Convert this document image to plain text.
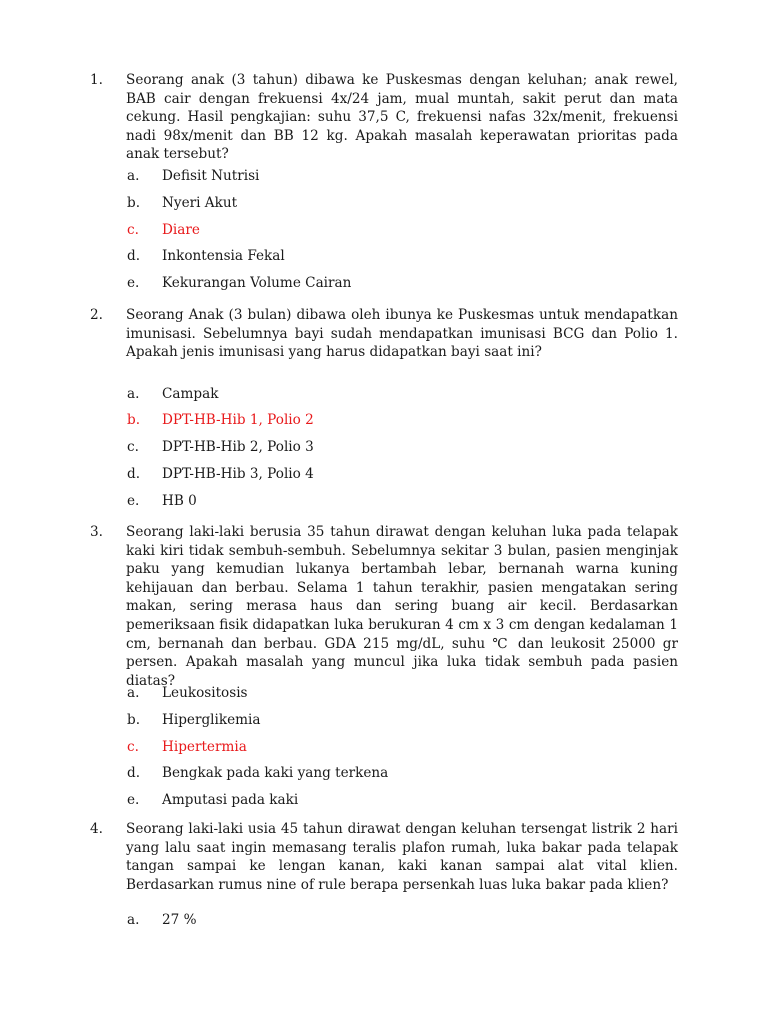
1. Seorang anak (3 tahun) dibawa ke Puskesmas dengan keluhan; anak rewel, BAB cair dengan frekuensi 4x/24 jam, mual muntah, sakit perut dan mata cekung. Hasil pengkajian: suhu 37,5 C, frekuensi nafas 32x/menit, frekuensi nadi 98x/menit dan BB 12 kg. Apakah masalah keperawatan prioritas pada anak tersebut?

a. Defisit Nutrisi
b. Nyeri Akut
c. Diare
d. Inkontensia Fekal
e. Kekurangan Volume Cairan
2. Seorang Anak (3 bulan) dibawa oleh ibunya ke Puskesmas untuk mendapatkan imunisasi. Sebelumnya bayi sudah mendapatkan imunisasi BCG dan Polio 1. Apakah jenis imunisasi yang harus didapatkan bayi saat ini?

a. Campak
b. DPT-HB-Hib 1, Polio 2
c. DPT-HB-Hib 2, Polio 3
d. DPT-HB-Hib 3, Polio 4
e. HB 0
3. Seorang laki-laki berusia 35 tahun dirawat dengan keluhan luka pada telapak kaki kiri tidak sembuh-sembuh. Sebelumnya sekitar 3 bulan, pasien menginjak paku yang kemudian lukanya bertambah lebar, bernanah warna kuning kehijauan dan berbau. Selama 1 tahun terakhir, pasien mengatakan sering makan, sering merasa haus dan sering buang air kecil. Berdasarkan pemeriksaan fisik didapatkan luka berukuran 4 cm x 3 cm dengan kedalaman 1 cm, bernanah dan berbau. GDA 215 mg/dL, suhu ℃ dan leukosit 25000 gr persen. Apakah masalah yang muncul jika luka tidak sembuh pada pasien diatas?

a. Leukositosis
b. Hiperglikemia
c. Hipertermia
d. Bengkak pada kaki yang terkena
e. Amputasi pada kaki
4. Seorang laki-laki usia 45 tahun dirawat dengan keluhan tersengat listrik 2 hari yang lalu saat ingin memasang teralis plafon rumah, luka bakar pada telapak tangan sampai ke lengan kanan, kaki kanan sampai alat vital klien. Berdasarkan rumus nine of rule berapa persenkah luas luka bakar pada klien?

a. 27 %
